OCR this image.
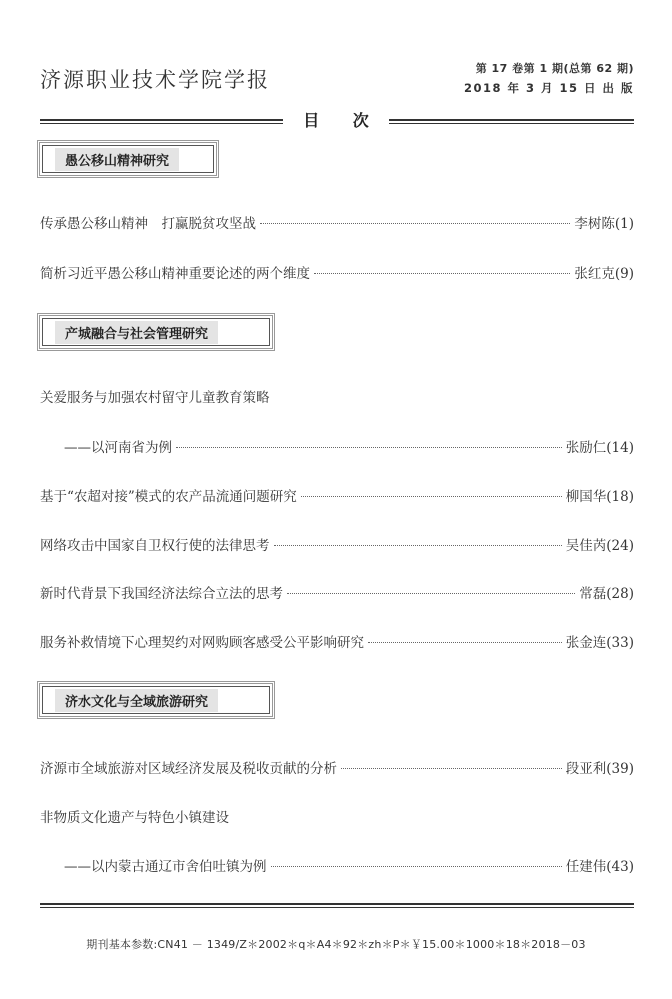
济源职业技术学院学报	第 17 卷第 1 期(总第 62 期)
2018 年 3 月 15 日 出 版
目 次
愚公移山精神研究
传承愚公移山精神　打赢脱贫攻坚战	李树陈(1)
简析习近平愚公移山精神重要论述的两个维度	张红克(9)
产城融合与社会管理研究
关爱服务与加强农村留守儿童教育策略
——以河南省为例	张励仁(14)
基于“农超对接”模式的农产品流通问题研究	柳国华(18)
网络攻击中国家自卫权行使的法律思考	吴佳芮(24)
新时代背景下我国经济法综合立法的思考	常磊(28)
服务补救情境下心理契约对网购顾客感受公平影响研究	张金连(33)
济水文化与全域旅游研究
济源市全域旅游对区域经济发展及税收贡献的分析	段亚利(39)
非物质文化遗产与特色小镇建设
——以内蒙古通辽市舍伯吐镇为例	任建伟(43)
期刊基本参数:CN41 － 1349/Z＊2002＊q＊A4＊92＊zh＊P＊￥15.00＊1000＊18＊2018－03
